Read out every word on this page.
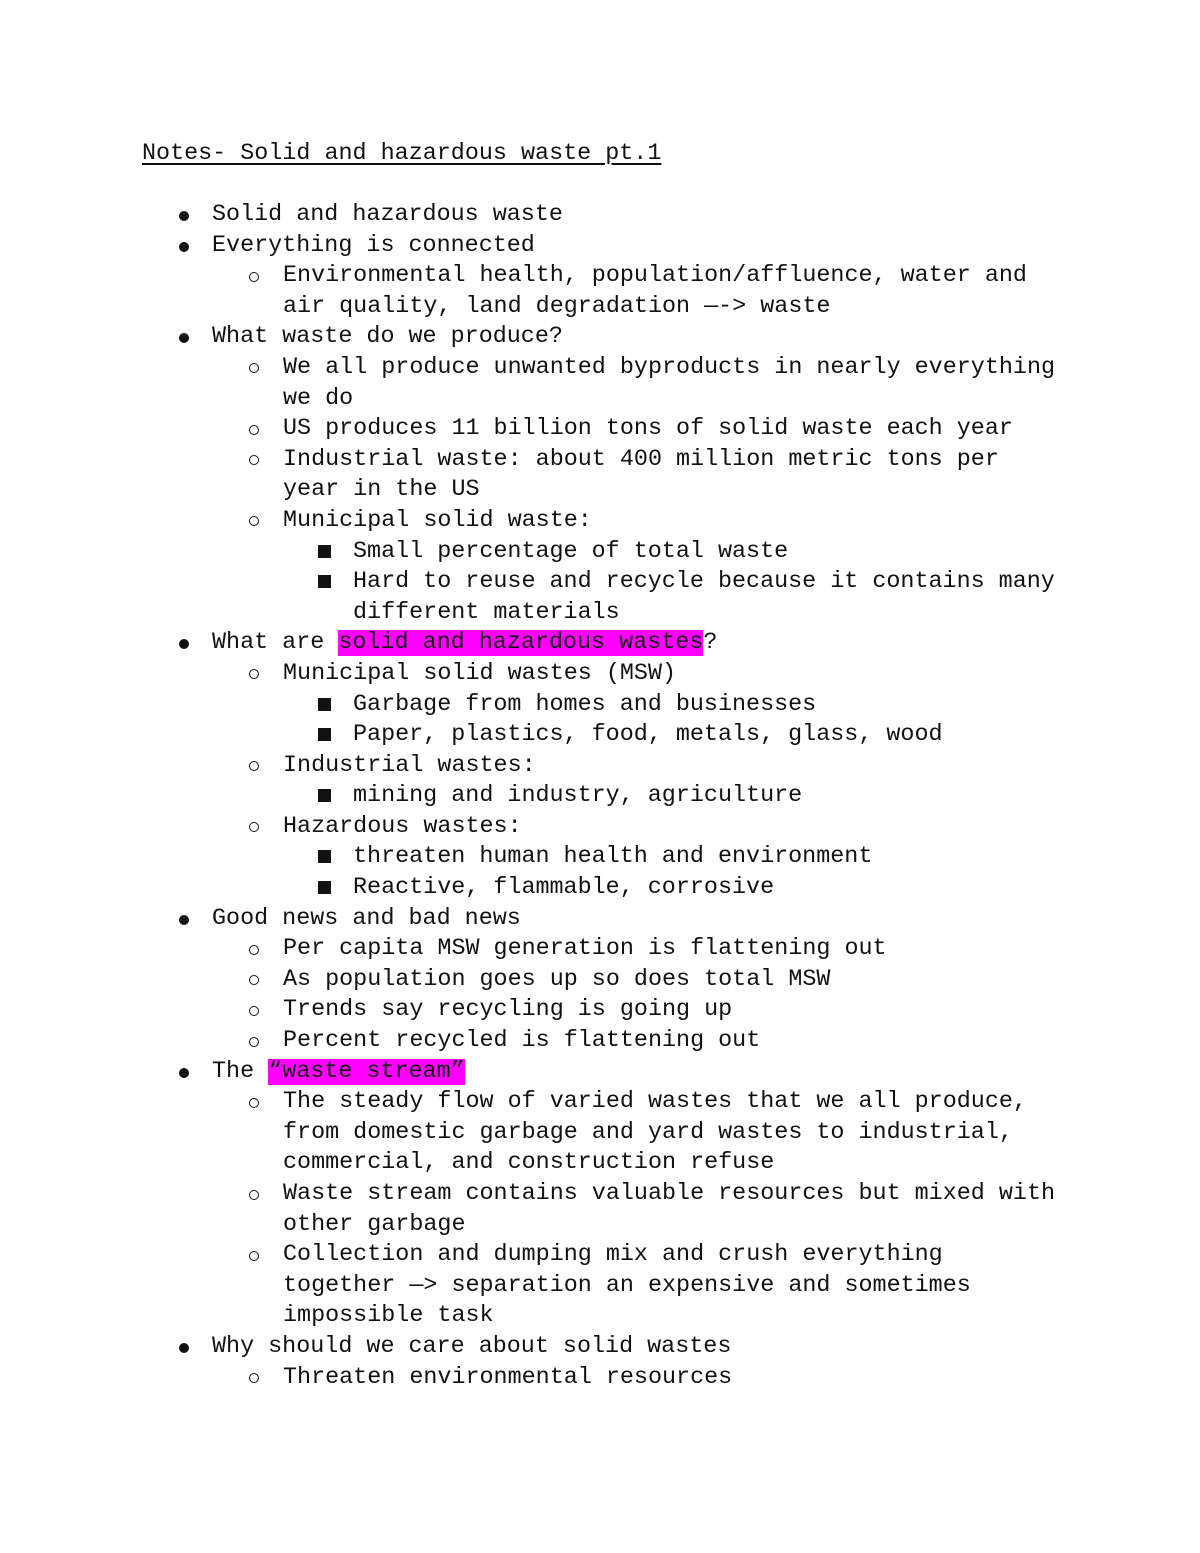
Notes- Solid and hazardous waste pt.1
Solid and hazardous waste
Everything is connected
Environmental health, population/affluence, water and
air quality, land degradation —-> waste
What waste do we produce?
We all produce unwanted byproducts in nearly everything
we do
US produces 11 billion tons of solid waste each year
Industrial waste: about 400 million metric tons per
year in the US
Municipal solid waste:
Small percentage of total waste
Hard to reuse and recycle because it contains many
different materials
What are solid and hazardous wastes?
Municipal solid wastes (MSW)
Garbage from homes and businesses
Paper, plastics, food, metals, glass, wood
Industrial wastes:
mining and industry, agriculture
Hazardous wastes:
threaten human health and environment
Reactive, flammable, corrosive
Good news and bad news
Per capita MSW generation is flattening out
As population goes up so does total MSW
Trends say recycling is going up
Percent recycled is flattening out
The “waste stream”
The steady flow of varied wastes that we all produce,
from domestic garbage and yard wastes to industrial,
commercial, and construction refuse
Waste stream contains valuable resources but mixed with
other garbage
Collection and dumping mix and crush everything
together —> separation an expensive and sometimes
impossible task
Why should we care about solid wastes
Threaten environmental resources
